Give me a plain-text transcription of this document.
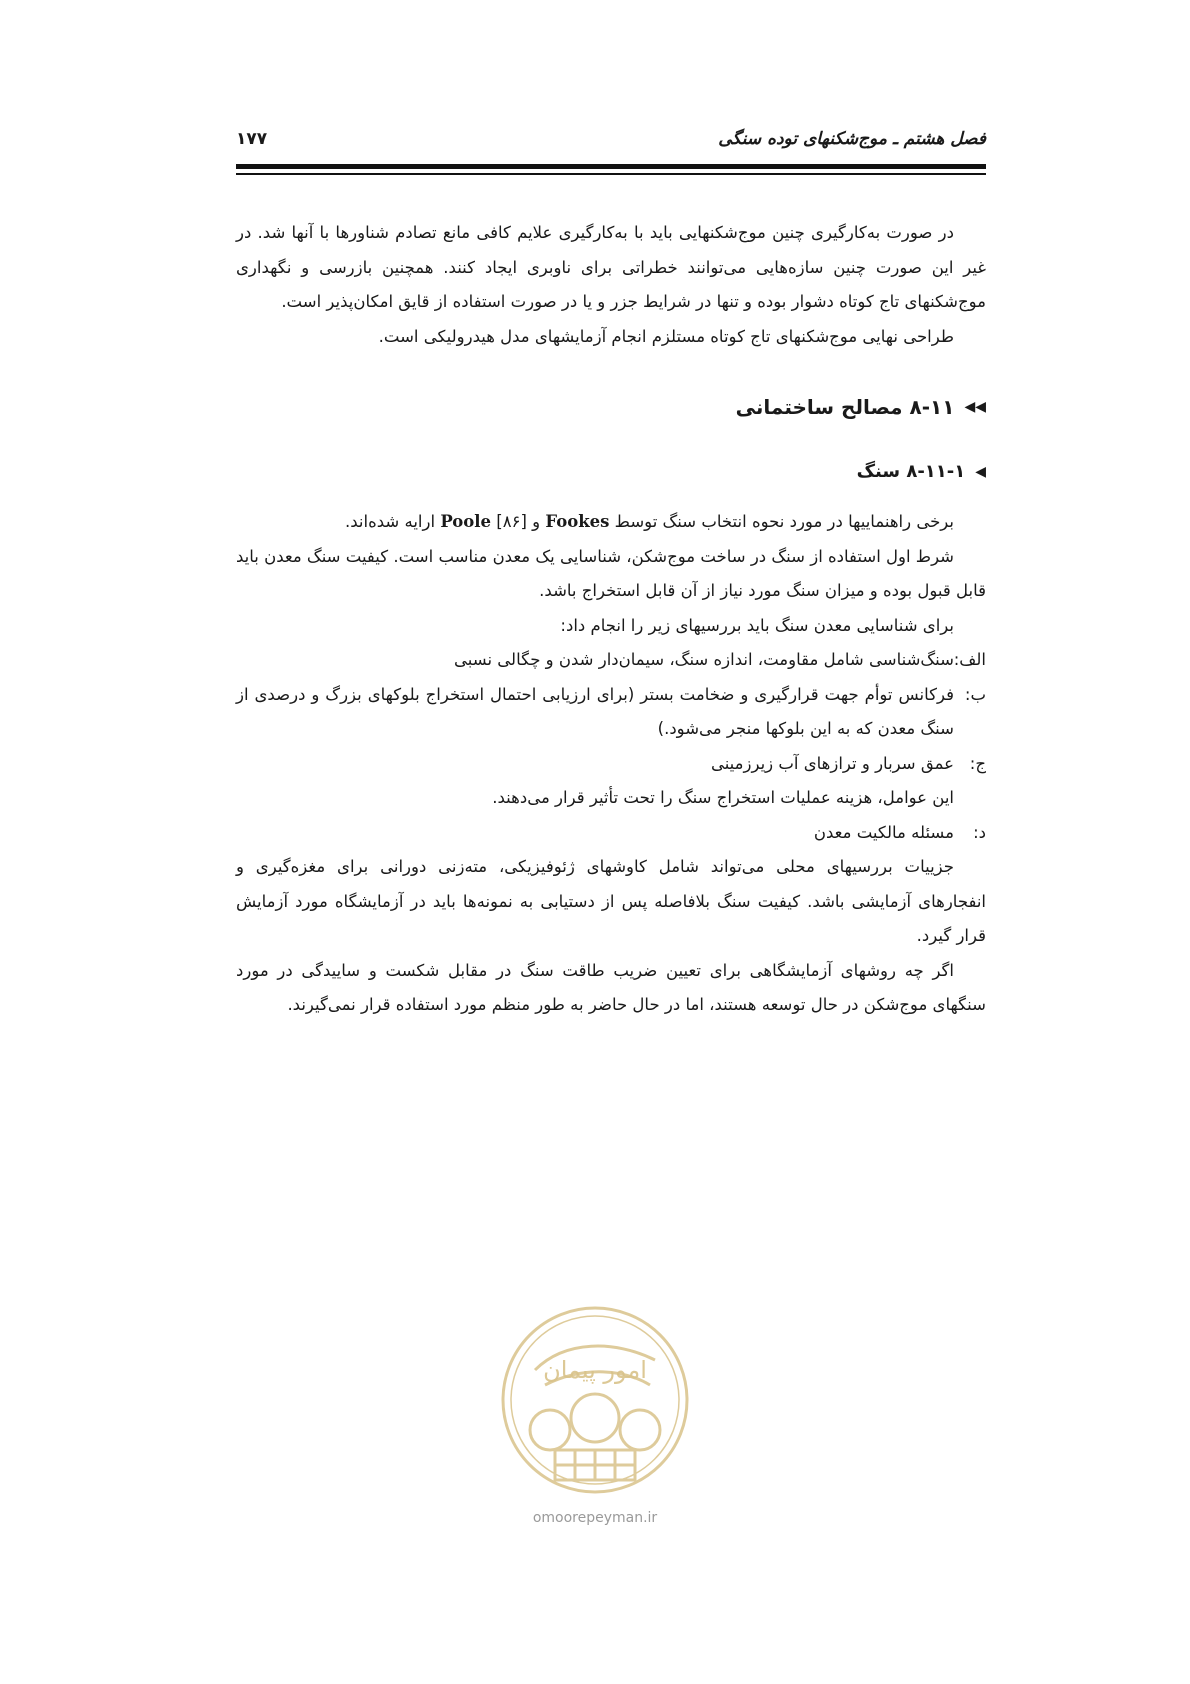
فصل هشتم ـ موج‌شکنهای توده سنگی
۱۷۷

در صورت به‌کارگیری چنین موج‌شکنهایی باید با به‌کارگیری علایم کافی مانع تصادم شناورها با آنها شد. در غیر این صورت چنین سازه‌هایی می‌توانند خطراتی برای ناوبری ایجاد کنند. همچنین بازرسی و نگهداری موج‌شکنهای تاج کوتاه دشوار بوده و تنها در شرایط جزر و یا در صورت استفاده از قایق امکان‌پذیر است.

طراحی نهایی موج‌شکنهای تاج کوتاه مستلزم انجام آزمایشهای مدل هیدرولیکی است.

◀◀
۸-۱۱ مصالح ساختمانی
◀
۸-۱۱-۱ سنگ

برخی راهنماییها در مورد نحوه انتخاب سنگ توسط Fookes و Poole [۸۶] ارایه شده‌اند.

شرط اول استفاده از سنگ در ساخت موج‌شکن، شناسایی یک معدن مناسب است. کیفیت سنگ معدن باید قابل قبول بوده و میزان سنگ مورد نیاز از آن قابل استخراج باشد.

برای شناسایی معدن سنگ باید بررسیهای زیر را انجام داد:

الف:
سنگ‌شناسی شامل مقاومت، اندازه سنگ، سیمان‌دار شدن و چگالی نسبی
ب:
فرکانس توأم جهت قرارگیری و ضخامت بستر (برای ارزیابی احتمال استخراج بلوکهای بزرگ و درصدی از سنگ معدن که به این بلوکها منجر می‌شود.)
ج:
عمق سربار و ترازهای آب زیرزمینی

این عوامل، هزینه عملیات استخراج سنگ را تحت تأثیر قرار می‌دهند.

د:
مسئله مالکیت معدن

جزییات بررسیهای محلی می‌تواند شامل کاوشهای ژئوفیزیکی، مته‌زنی دورانی برای مغزه‌گیری و انفجارهای آزمایشی باشد. کیفیت سنگ بلافاصله پس از دستیابی به نمونه‌ها باید در آزمایشگاه مورد آزمایش قرار گیرد.

اگر چه روشهای آزمایشگاهی برای تعیین ضریب طاقت سنگ در مقابل شکست و ساییدگی در مورد سنگهای موج‌شکن در حال توسعه هستند، اما در حال حاضر به طور منظم مورد استفاده قرار نمی‌گیرند.

امور پیمان
omoorepeyman.ir
